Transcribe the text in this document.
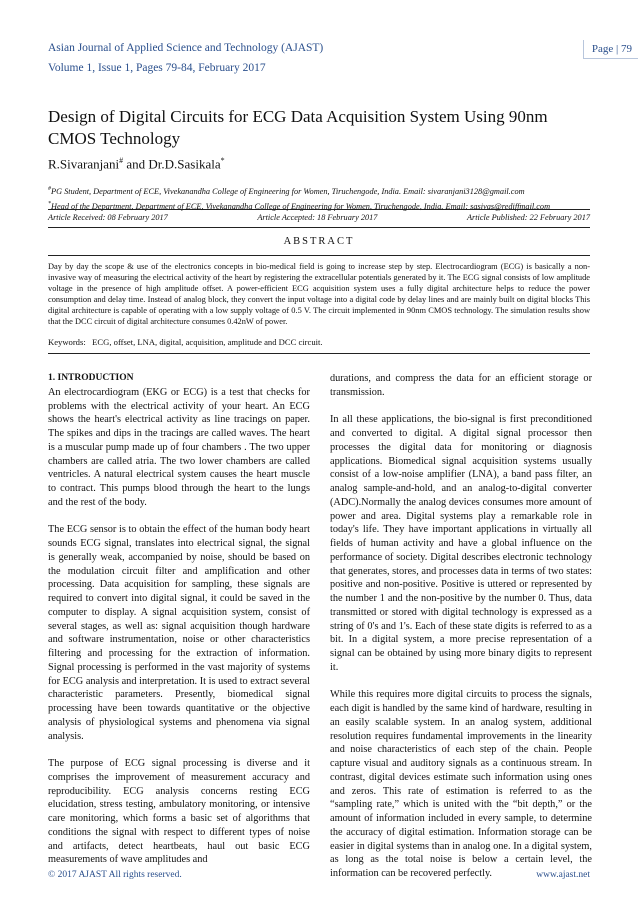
Asian Journal of Applied Science and Technology (AJAST)
Volume 1, Issue 1, Pages 79-84, February 2017
Page | 79
Design of Digital Circuits for ECG Data Acquisition System Using 90nm CMOS Technology
R.Sivaranjani# and Dr.D.Sasikala*
#PG Student, Department of ECE, Vivekanandha College of Engineering for Women, Tiruchengode, India. Email: sivaranjani3128@gmail.com
*Head of the Department, Department of ECE, Vivekanandha College of Engineering for Women, Tiruchengode, India. Email: sasivas@rediffmail.com
Article Received: 08 February 2017	Article Accepted: 18 February 2017	Article Published: 22 February 2017
ABSTRACT
Day by day the scope & use of the electronics concepts in bio-medical field is going to increase step by step. Electrocardiogram (ECG) is basically a non-invasive way of measuring the electrical activity of the heart by registering the extracellular potentials generated by it. The ECG signal consists of low amplitude voltage in the presence of high amplitude offset. A power-efficient ECG acquisition system uses a fully digital architecture helps to reduce the power consumption and delay time. Instead of analog block, they convert the input voltage into a digital code by delay lines and are mainly built on digital blocks This digital architecture is capable of operating with a low supply voltage of 0.5 V. The circuit implemented in 90nm CMOS technology. The simulation results show that the DCC circuit of digital architecture consumes 0.42nW of power.
Keywords: ECG, offset, LNA, digital, acquisition, amplitude and DCC circuit.
1. INTRODUCTION

An electrocardiogram (EKG or ECG) is a test that checks for problems with the electrical activity of your heart. An ECG shows the heart's electrical activity as line tracings on paper. The spikes and dips in the tracings are called waves. The heart is a muscular pump made up of four chambers . The two upper chambers are called atria. The two lower chambers are called ventricles. A natural electrical system causes the heart muscle to contract. This pumps blood through the heart to the lungs and the rest of the body.

The ECG sensor is to obtain the effect of the human body heart sounds ECG signal, translates into electrical signal, the signal is generally weak, accompanied by noise, should be based on the modulation circuit filter and amplification and other processing. Data acquisition for sampling, these signals are required to convert into digital signal, it could be saved in the computer to display. A signal acquisition system, consist of several stages, as well as: signal acquisition though hardware and software instrumentation, noise or other characteristics filtering and processing for the extraction of information. Signal processing is performed in the vast majority of systems for ECG analysis and interpretation. It is used to extract several characteristic parameters. Presently, biomedical signal processing have been towards quantitative or the objective analysis of physiological systems and phenomena via signal analysis.

The purpose of ECG signal processing is diverse and it comprises the improvement of measurement accuracy and reproducibility. ECG analysis concerns resting ECG elucidation, stress testing, ambulatory monitoring, or intensive care monitoring, which forms a basic set of algorithms that conditions the signal with respect to different types of noise and artifacts, detect heartbeats, haul out basic ECG measurements of wave amplitudes and

durations, and compress the data for an efficient storage or transmission.

In all these applications, the bio-signal is first preconditioned and converted to digital. A digital signal processor then processes the digital data for monitoring or diagnosis applications. Biomedical signal acquisition systems usually consist of a low-noise amplifier (LNA), a band pass filter, an analog sample-and-hold, and an analog-to-digital converter (ADC).Normally the analog devices consumes more amount of power and area. Digital systems play a remarkable role in today's life. They have important applications in virtually all fields of human activity and have a global influence on the performance of society. Digital describes electronic technology that generates, stores, and processes data in terms of two states: positive and non-positive. Positive is uttered or represented by the number 1 and the non-positive by the number 0. Thus, data transmitted or stored with digital technology is expressed as a string of 0's and 1's. Each of these state digits is referred to as a bit. In a digital system, a more precise representation of a signal can be obtained by using more binary digits to represent it.

While this requires more digital circuits to process the signals, each digit is handled by the same kind of hardware, resulting in an easily scalable system. In an analog system, additional resolution requires fundamental improvements in the linearity and noise characteristics of each step of the chain. People capture visual and auditory signals as a continuous stream. In contrast, digital devices estimate such information using ones and zeros. This rate of estimation is referred to as the “sampling rate,” which is united with the “bit depth,” or the amount of information included in every sample, to determine the accuracy of digital estimation. Information storage can be easier in digital systems than in analog one. In a digital system, as long as the total noise is below a certain level, the information can be recovered perfectly.

© 2017 AJAST All rights reserved.	www.ajast.net
